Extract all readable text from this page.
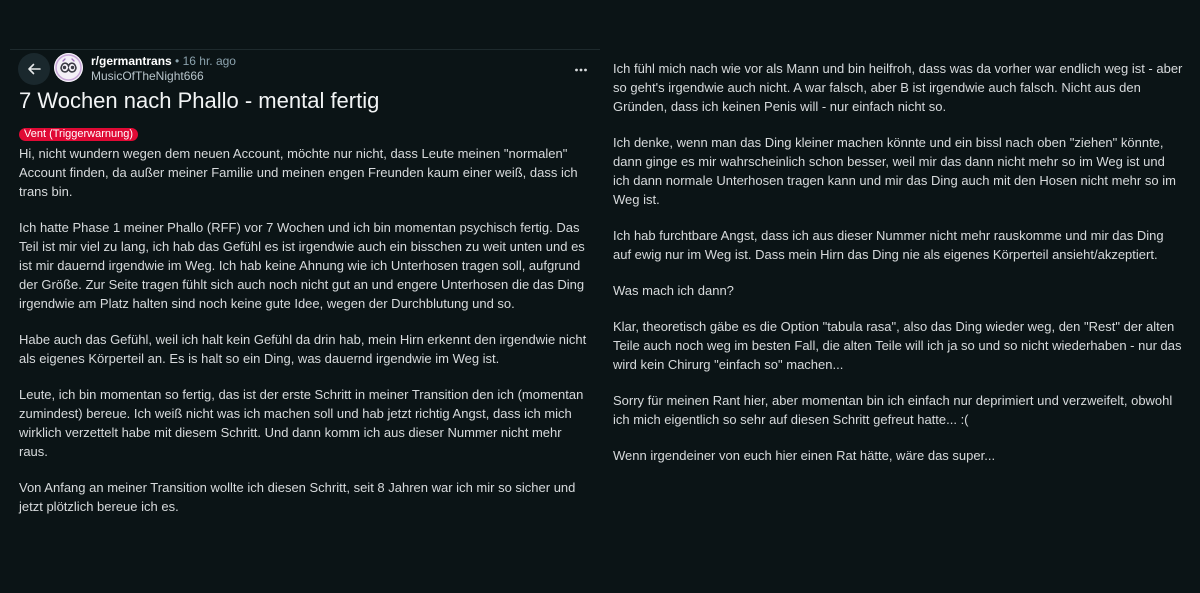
r/germantrans • 16 hr. ago
MusicOfTheNight666
7 Wochen nach Phallo - mental fertig
Vent (Triggerwarnung)

Hi, nicht wundern wegen dem neuen Account, möchte nur nicht, dass Leute meinen "normalen" Account finden, da außer meiner Familie und meinen engen Freunden kaum einer weiß, dass ich trans bin.

Ich hatte Phase 1 meiner Phallo (RFF) vor 7 Wochen und ich bin momentan psychisch fertig. Das Teil ist mir viel zu lang, ich hab das Gefühl es ist irgendwie auch ein bisschen zu weit unten und es ist mir dauernd irgendwie im Weg. Ich hab keine Ahnung wie ich Unterhosen tragen soll, aufgrund der Größe. Zur Seite tragen fühlt sich auch noch nicht gut an und engere Unterhosen die das Ding irgendwie am Platz halten sind noch keine gute Idee, wegen der Durchblutung und so.

Habe auch das Gefühl, weil ich halt kein Gefühl da drin hab, mein Hirn erkennt den irgendwie nicht als eigenes Körperteil an. Es is halt so ein Ding, was dauernd irgendwie im Weg ist.

Leute, ich bin momentan so fertig, das ist der erste Schritt in meiner Transition den ich (momentan zumindest) bereue. Ich weiß nicht was ich machen soll und hab jetzt richtig Angst, dass ich mich wirklich verzettelt habe mit diesem Schritt. Und dann komm ich aus dieser Nummer nicht mehr raus.

Von Anfang an meiner Transition wollte ich diesen Schritt, seit 8 Jahren war ich mir so sicher und jetzt plötzlich bereue ich es.

Ich fühl mich nach wie vor als Mann und bin heilfroh, dass was da vorher war endlich weg ist - aber so geht's irgendwie auch nicht. A war falsch, aber B ist irgendwie auch falsch. Nicht aus den Gründen, dass ich keinen Penis will - nur einfach nicht so.

Ich denke, wenn man das Ding kleiner machen könnte und ein bissl nach oben "ziehen" könnte, dann ginge es mir wahrscheinlich schon besser, weil mir das dann nicht mehr so im Weg ist und ich dann normale Unterhosen tragen kann und mir das Ding auch mit den Hosen nicht mehr so im Weg ist.

Ich hab furchtbare Angst, dass ich aus dieser Nummer nicht mehr rauskomme und mir das Ding auf ewig nur im Weg ist. Dass mein Hirn das Ding nie als eigenes Körperteil ansieht/akzeptiert.

Was mach ich dann?

Klar, theoretisch gäbe es die Option "tabula rasa", also das Ding wieder weg, den "Rest" der alten Teile auch noch weg im besten Fall, die alten Teile will ich ja so und so nicht wiederhaben - nur das wird kein Chirurg "einfach so" machen...

Sorry für meinen Rant hier, aber momentan bin ich einfach nur deprimiert und verzweifelt, obwohl ich mich eigentlich so sehr auf diesen Schritt gefreut hatte... :(

Wenn irgendeiner von euch hier einen Rat hätte, wäre das super...
